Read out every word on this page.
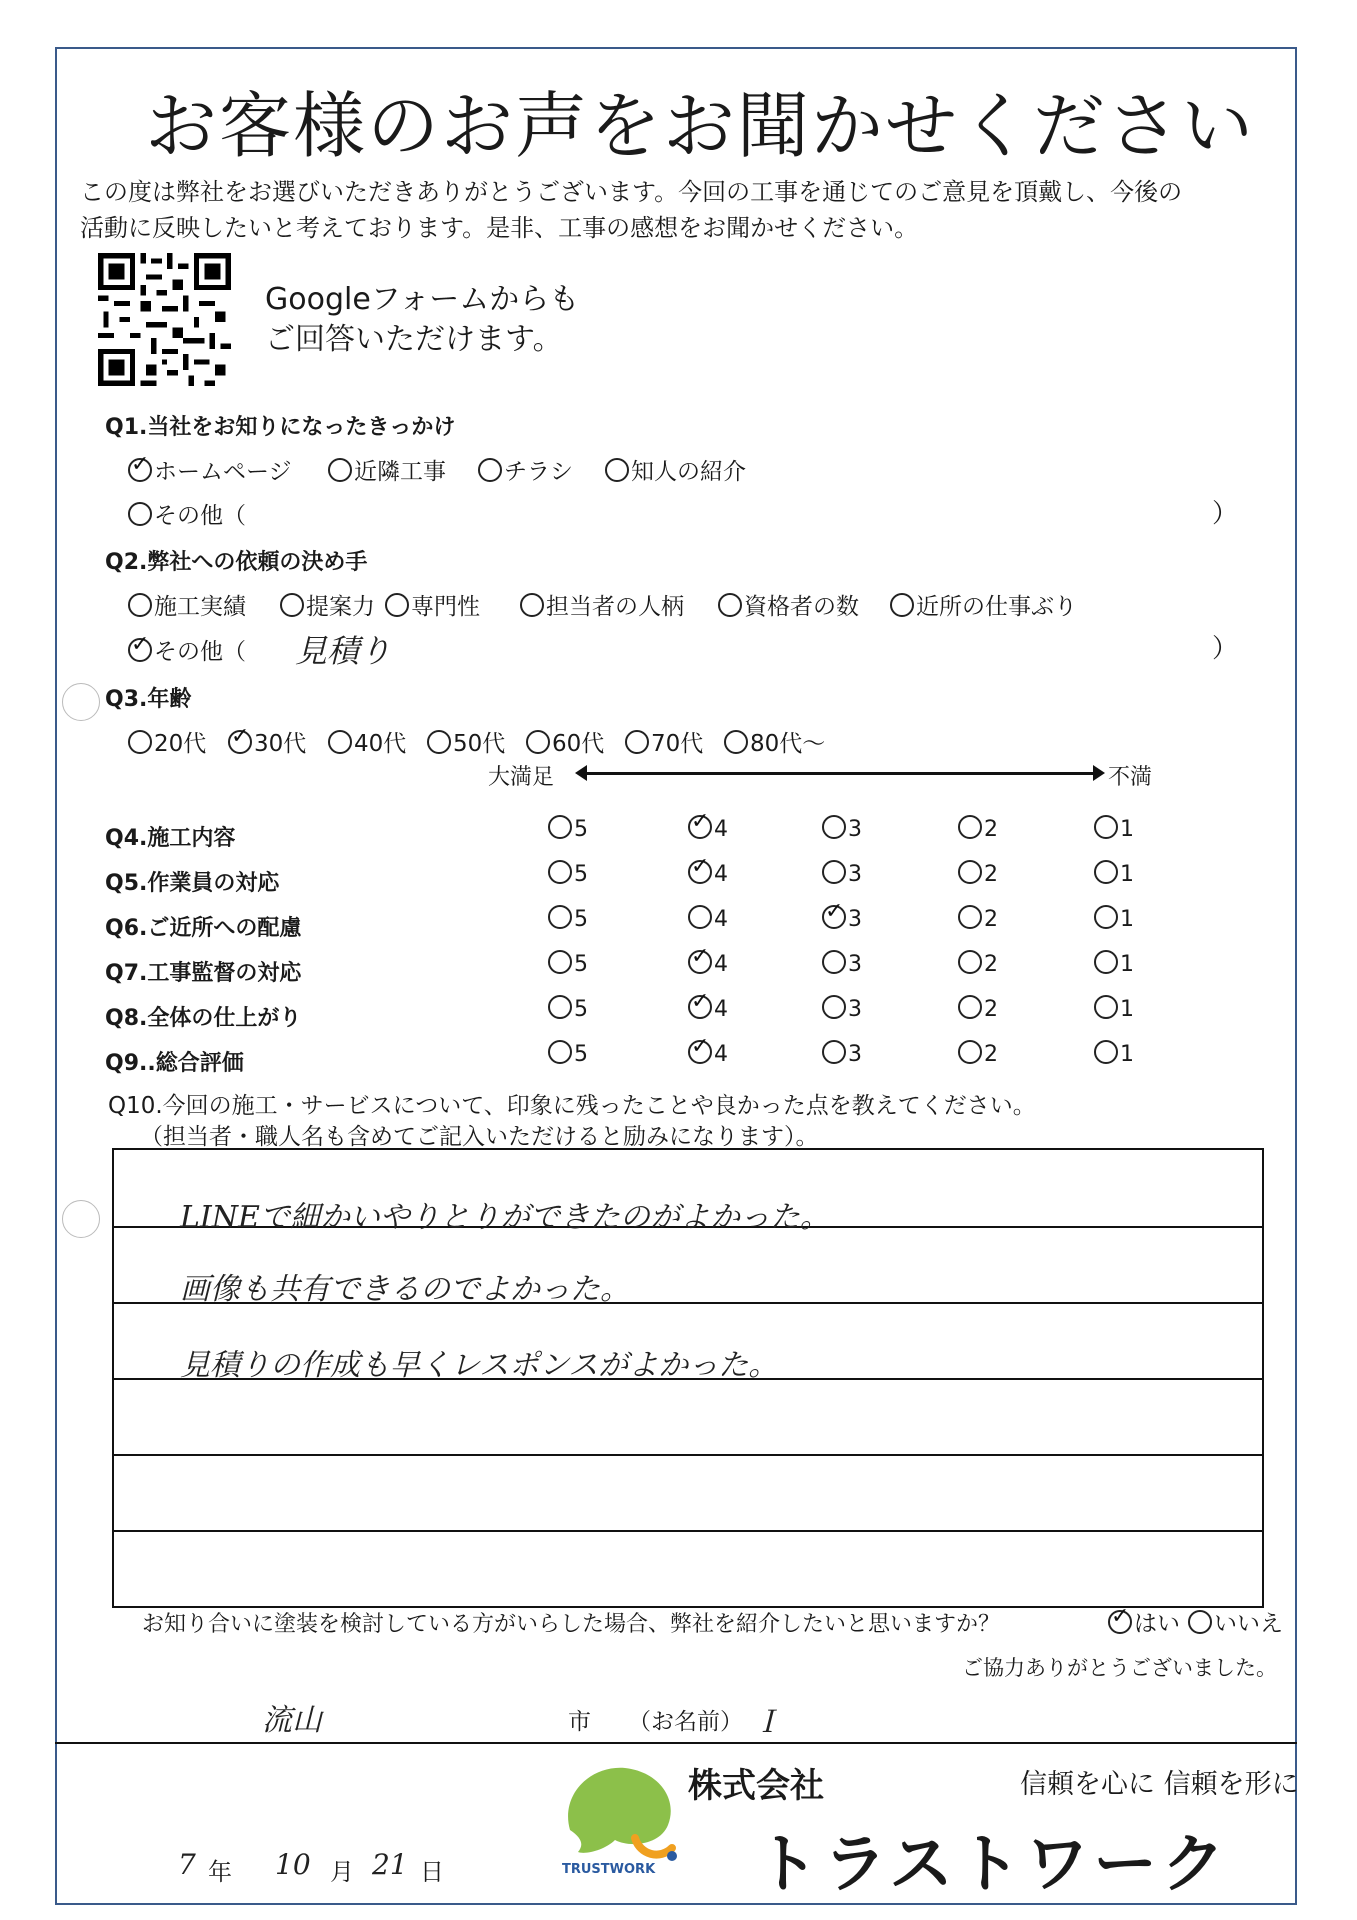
お客様のお声をお聞かせください
この度は弊社をお選びいただきありがとうございます。今回の工事を通じてのご意見を頂戴し、今後の
活動に反映したいと考えております。是非、工事の感想をお聞かせください。
Googleフォームからも
ご回答いただけます。
Q1.当社をお知りになったきっかけ
✓ ホームページ	近隣工事	チラシ	知人の紹介
その他（	）
Q2.弊社への依頼の決め手
施工実績	提案力	専門性	担当者の人柄	資格者の数	近所の仕事ぶり
✓ その他（ 見積り	）
Q3.年齢
20代 ✓ 30代	40代	50代	60代	70代	80代〜
大満足	不満
Q4.施工内容	5	✓ 4	3	2	1
Q5.作業員の対応	5	✓ 4	3	2	1
Q6.ご近所への配慮	5	4	✓ 3	2	1
Q7.工事監督の対応	5	✓ 4	3	2	1
Q8.全体の仕上がり	5	✓ 4	3	2	1
Q9..総合評価	5	✓ 4	3	2	1
Q10.今回の施工・サービスについて、印象に残ったことや良かった点を教えてください。
（担当者・職人名も含めてご記入いただけると励みになります）。
LINEで細かいやりとりができたのがよかった。
画像も共有できるのでよかった。
見積りの作成も早くレスポンスがよかった。
お知り合いに塗装を検討している方がいらした場合、弊社を紹介したいと思いますか？	✓ はい	いいえ
ご協力ありがとうございました。
流山	市 （お名前） Ｉ
TRUSTWORK
株式会社	信頼を心に 信頼を形に
トラストワーク
7 年 10 月 21 日
